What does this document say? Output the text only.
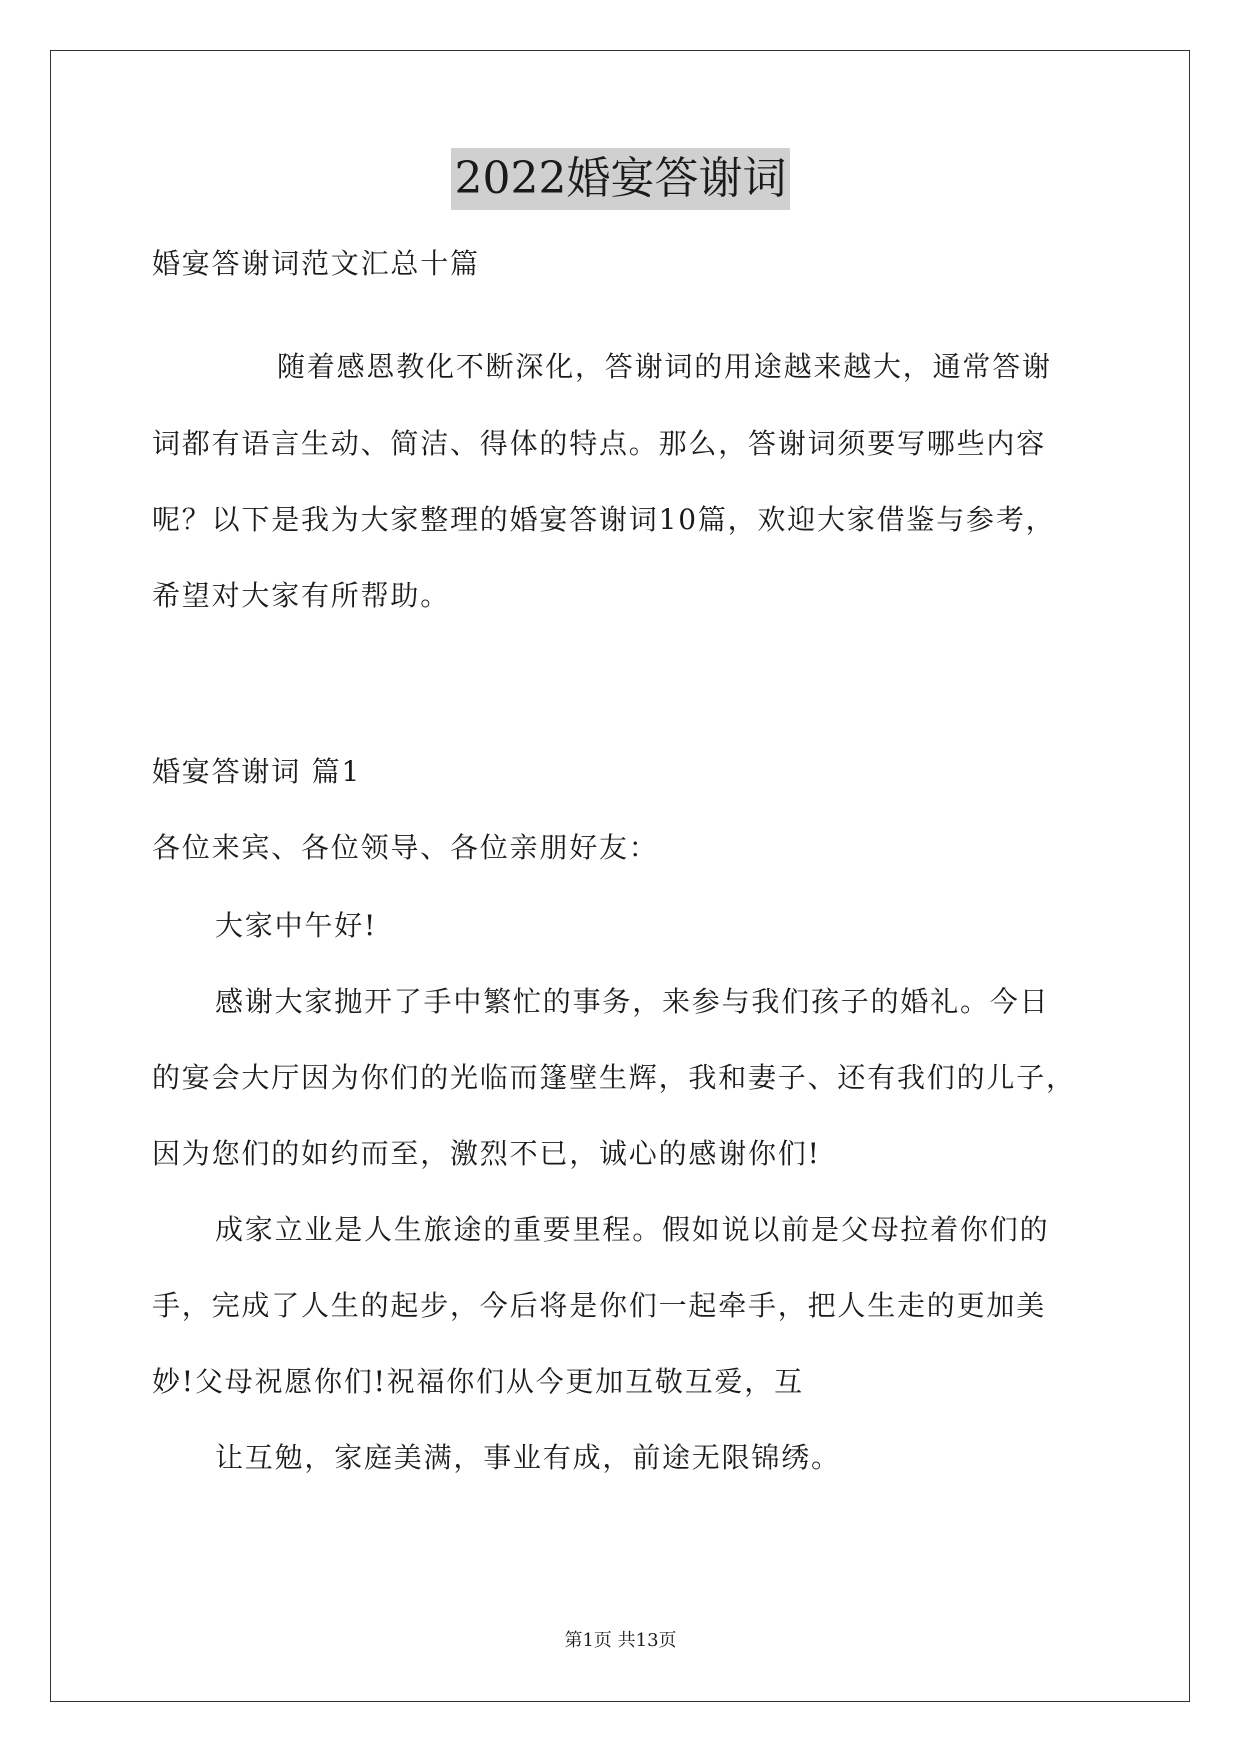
2022婚宴答谢词
婚宴答谢词范文汇总十篇
随着感恩教化不断深化，答谢词的用途越来越大，通常答谢
词都有语言生动、简洁、得体的特点。那么，答谢词须要写哪些内容
呢？以下是我为大家整理的婚宴答谢词10篇，欢迎大家借鉴与参考，
希望对大家有所帮助。
婚宴答谢词 篇1
各位来宾、各位领导、各位亲朋好友：
大家中午好!
感谢大家抛开了手中繁忙的事务，来参与我们孩子的婚礼。今日
的宴会大厅因为你们的光临而篷壁生辉，我和妻子、还有我们的儿子，
因为您们的如约而至，激烈不已，诚心的感谢你们!
成家立业是人生旅途的重要里程。假如说以前是父母拉着你们的
手，完成了人生的起步，今后将是你们一起牵手，把人生走的更加美
妙!父母祝愿你们!祝福你们从今更加互敬互爱，互
让互勉，家庭美满，事业有成，前途无限锦绣。
第1页 共13页
